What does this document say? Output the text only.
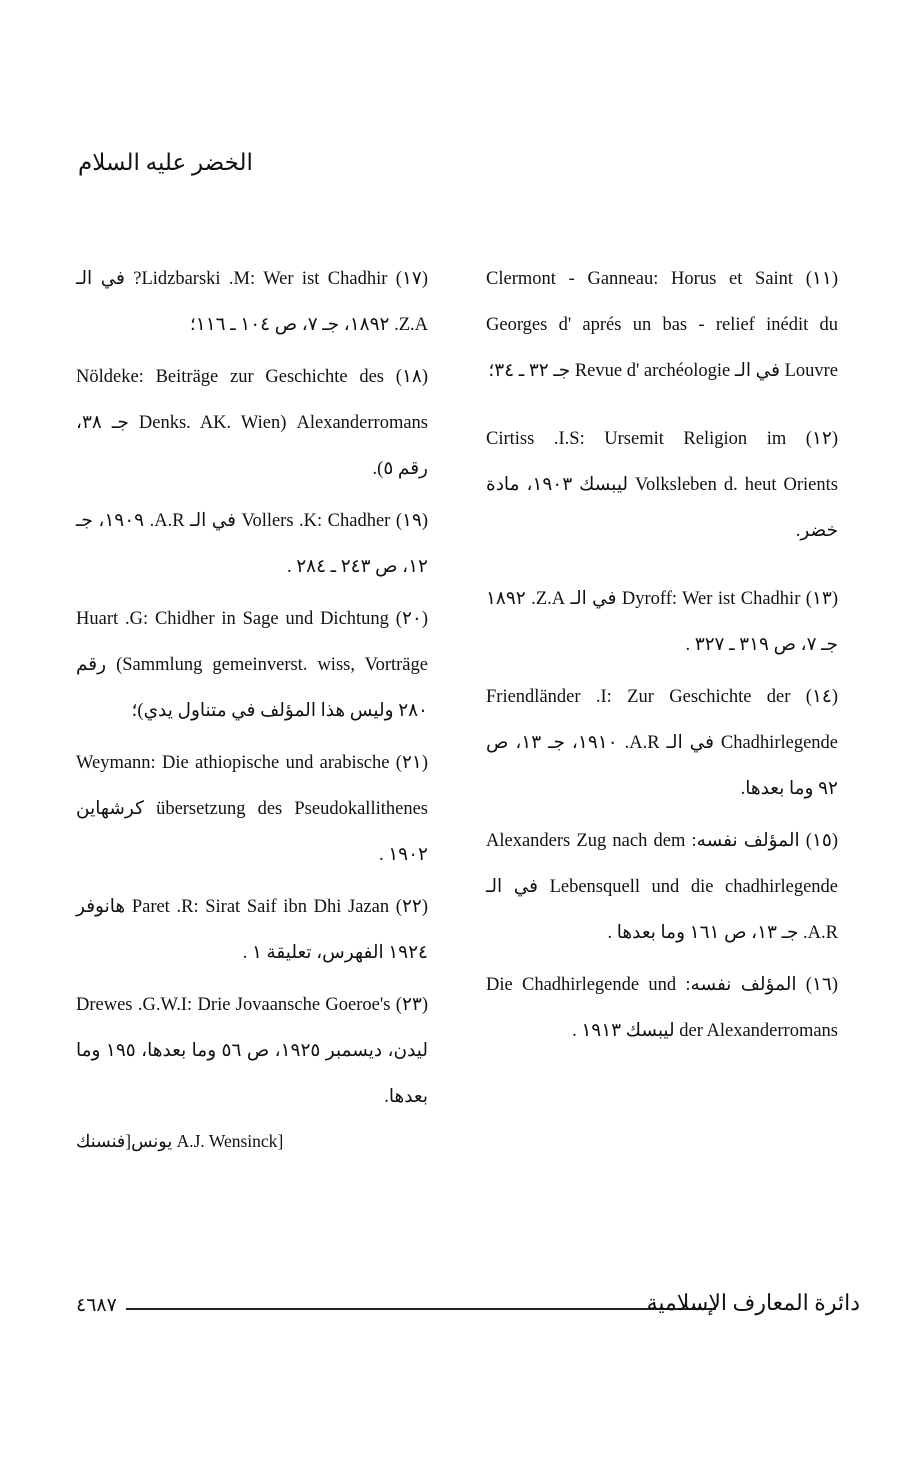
الخضر عليه السلام

(١٧) Lidzbarski .M: Wer ist Chadhir? في الـ Z.A. ١٨٩٢، جـ ٧، ص ١٠٤ ـ ١١٦؛

(١٨) Nöldeke: Beiträge zur Geschichte des Alexanderromans (Denks. AK. Wien جـ ٣٨، رقم ٥).

(١٩) Vollers .K: Chadher في الـ A.R. ١٩٠٩، جـ ١٢، ص ٢٤٣ ـ ٢٨٤ .

(٢٠) Huart .G: Chidher in Sage und Dichtung Sammlung gemeinverst. wiss, Vorträge) رقم ٢٨٠ وليس هذا المؤلف في متناول يدي)؛

(٢١) Weymann: Die athiopische und arabische übersetzung des Pseudokallithenes كرشهاين ١٩٠٢ .

(٢٢) Paret .R: Sirat Saif ibn Dhi Jazan هانوفر ١٩٢٤ الفهرس، تعليقة ١ .

(٢٣) Drewes .G.W.I: Drie Jovaansche Goeroe's ليدن، ديسمبر ١٩٢٥، ص ٥٦ وما بعدها، ١٩٥ وما بعدها.

[A.J. Wensinck يونس[فنسنك

(١١) Clermont - Ganneau: Horus et Saint Georges d' aprés un bas - relief inédit du Louvre في الـ Revue d' archéologie جـ ٣٢ ـ ٣٤؛

(١٢) Cirtiss .I.S: Ursemit Religion im Volksleben d. heut Orients ليبسك ١٩٠٣، مادة خضر.

(١٣) Dyroff: Wer ist Chadhir في الـ Z.A. ١٨٩٢ جـ ٧، ص ٣١٩ ـ ٣٢٧ .

(١٤) Friendländer .I: Zur Geschichte der Chadhirlegende في الـ A.R. ١٩١٠، جـ ١٣، ص ٩٢ وما بعدها.

(١٥) المؤلف نفسه: Alexanders Zug nach dem Lebensquell und die chadhirlegende في الـ A.R. جـ ١٣، ص ١٦١ وما بعدها .

(١٦) المؤلف نفسه: Die Chadhirlegende und der Alexanderromans ليبسك ١٩١٣ .

٤٦٨٧	دائرة المعارف الإسلامية
